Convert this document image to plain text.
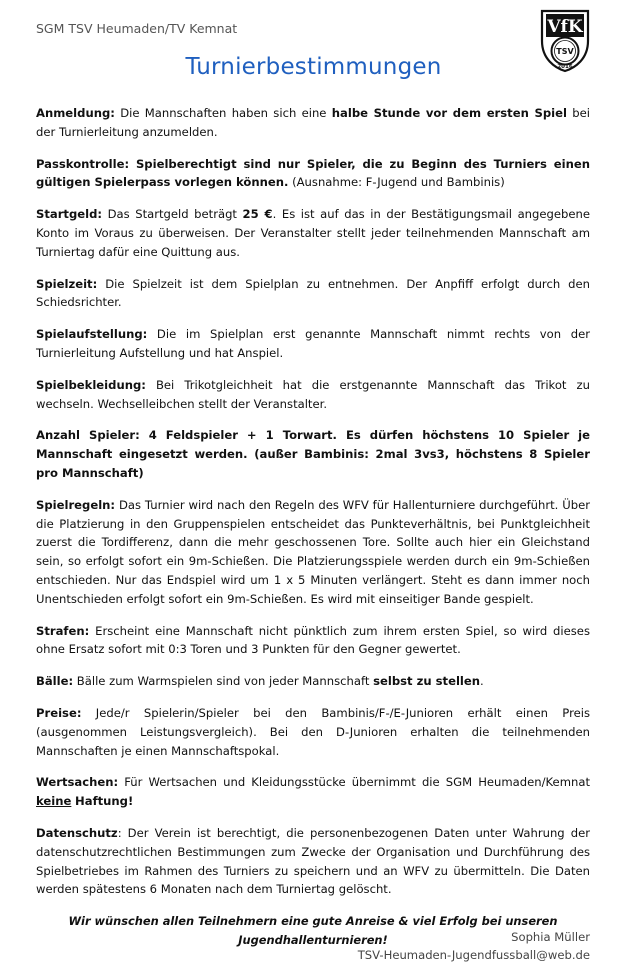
SGM TSV Heumaden/TV Kemnat	VfK
TSV
2016
Turnierbestimmungen

Anmeldung: Die Mannschaften haben sich eine halbe Stunde vor dem ersten Spiel bei der Turnierleitung anzumelden.

Passkontrolle: Spielberechtigt sind nur Spieler, die zu Beginn des Turniers einen gültigen Spielerpass vorlegen können. (Ausnahme: F-Jugend und Bambinis)

Startgeld: Das Startgeld beträgt 25 €. Es ist auf das in der Bestätigungsmail angegebene Konto im Voraus zu überweisen. Der Veranstalter stellt jeder teilnehmenden Mannschaft am Turniertag dafür eine Quittung aus.

Spielzeit: Die Spielzeit ist dem Spielplan zu entnehmen. Der Anpfiff erfolgt durch den Schiedsrichter.

Spielaufstellung: Die im Spielplan erst genannte Mannschaft nimmt rechts von der Turnierleitung Aufstellung und hat Anspiel.

Spielbekleidung: Bei Trikotgleichheit hat die erstgenannte Mannschaft das Trikot zu wechseln. Wechselleibchen stellt der Veranstalter.

Anzahl Spieler: 4 Feldspieler + 1 Torwart. Es dürfen höchstens 10 Spieler je Mannschaft eingesetzt werden. (außer Bambinis: 2mal 3vs3, höchstens 8 Spieler pro Mannschaft)

Spielregeln: Das Turnier wird nach den Regeln des WFV für Hallenturniere durchgeführt. Über die Platzierung in den Gruppenspielen entscheidet das Punkteverhältnis, bei Punktgleichheit zuerst die Tordifferenz, dann die mehr geschossenen Tore. Sollte auch hier ein Gleichstand sein, so erfolgt sofort ein 9m-Schießen. Die Platzierungsspiele werden durch ein 9m-Schießen entschieden. Nur das Endspiel wird um 1 x 5 Minuten verlängert. Steht es dann immer noch Unentschieden erfolgt sofort ein 9m-Schießen. Es wird mit einseitiger Bande gespielt.

Strafen: Erscheint eine Mannschaft nicht pünktlich zum ihrem ersten Spiel, so wird dieses ohne Ersatz sofort mit 0:3 Toren und 3 Punkten für den Gegner gewertet.

Bälle: Bälle zum Warmspielen sind von jeder Mannschaft selbst zu stellen.

Preise: Jede/r Spielerin/Spieler bei den Bambinis/F-/E-Junioren erhält einen Preis (ausgenommen Leistungsvergleich). Bei den D-Junioren erhalten die teilnehmenden Mannschaften je einen Mannschaftspokal.

Wertsachen: Für Wertsachen und Kleidungsstücke übernimmt die SGM Heumaden/Kemnat keine Haftung!

Datenschutz: Der Verein ist berechtigt, die personenbezogenen Daten unter Wahrung der datenschutzrechtlichen Bestimmungen zum Zwecke der Organisation und Durchführung des Spielbetriebes im Rahmen des Turniers zu speichern und an WFV zu übermitteln. Die Daten werden spätestens 6 Monaten nach dem Turniertag gelöscht.

Wir wünschen allen Teilnehmern eine gute Anreise & viel Erfolg bei unseren Jugendhallenturnieren!	Sophia Müller
TSV-Heumaden-Jugendfussball@web.de
